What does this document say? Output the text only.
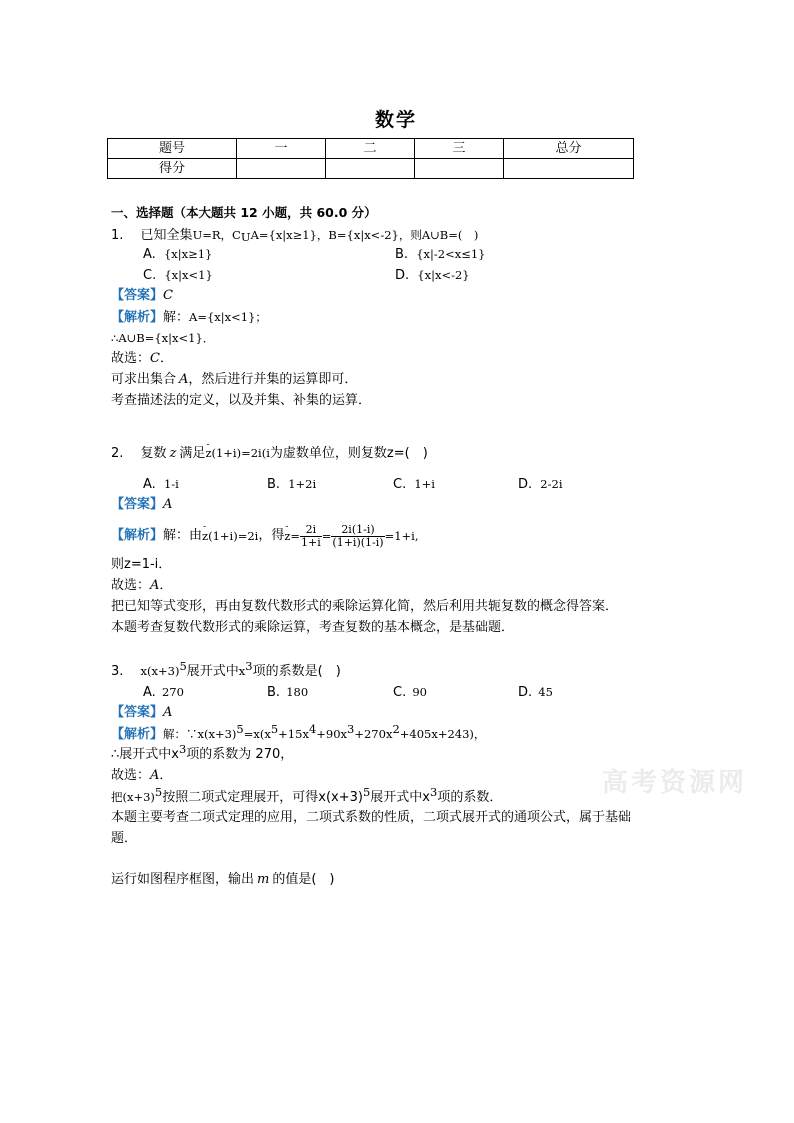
数学
题号	一	二	三	总分
得分				
一、选择题（本大题共 12 小题，共 60.0 分）
1. 已知全集U=R，$C_UA=\{x|x\ge 1\}$，B={x|x<-2}，则A∪B=(　)
A. {x|x≥1}	B. {x|-2<x≤1}
C. {x|x<1}	D. {x|x<-2}
【答案】C
【解析】解：A={x|x<1}；
∴A∪B={x|x<1}．
故选：C．
可求出集合 A，然后进行并集的运算即可．
考查描述法的定义，以及并集、补集的运算．
2. 复数 z 满足- z(1+i)=2i(i为虚数单位，则复数z=(　)
A. 1-i	B. 1+2i	C. 1+i	D. 2-2i
【答案】A
【解析】 解：由 - z(1+i)=2i ，得 - $z= \frac{2i}{1+i} = \frac{2i(1-i)}{(1+i)(1-i)} =1+i$,
则z=1-i．
故选：A．
把已知等式变形，再由复数代数形式的乘除运算化简，然后利用共轭复数的概念得答案．
本题考查复数代数形式的乘除运算，考查复数的基本概念，是基础题．
3. $x(x+3)^5$展开式中$x^3$项的系数是(　)
A. 270	B. 180	C. 90	D. 45
【答案】A
【解析】解：$\because x(x+3)^5=x(x^5+15x^4+90x^3+270x^2+405x+243)$，
∴展开式中$x^3$项的系数为 270，
故选：A．
把$(x+3)^5$按照二项式定理展开，可得$x(x+3)^5$展开式中$x^3$项的系数．
本题主要考查二项式定理的应用，二项式系数的性质，二项式展开式的通项公式，属于基础
题．
运行如图程序框图，输出 m 的值是(　)
高考资源网
